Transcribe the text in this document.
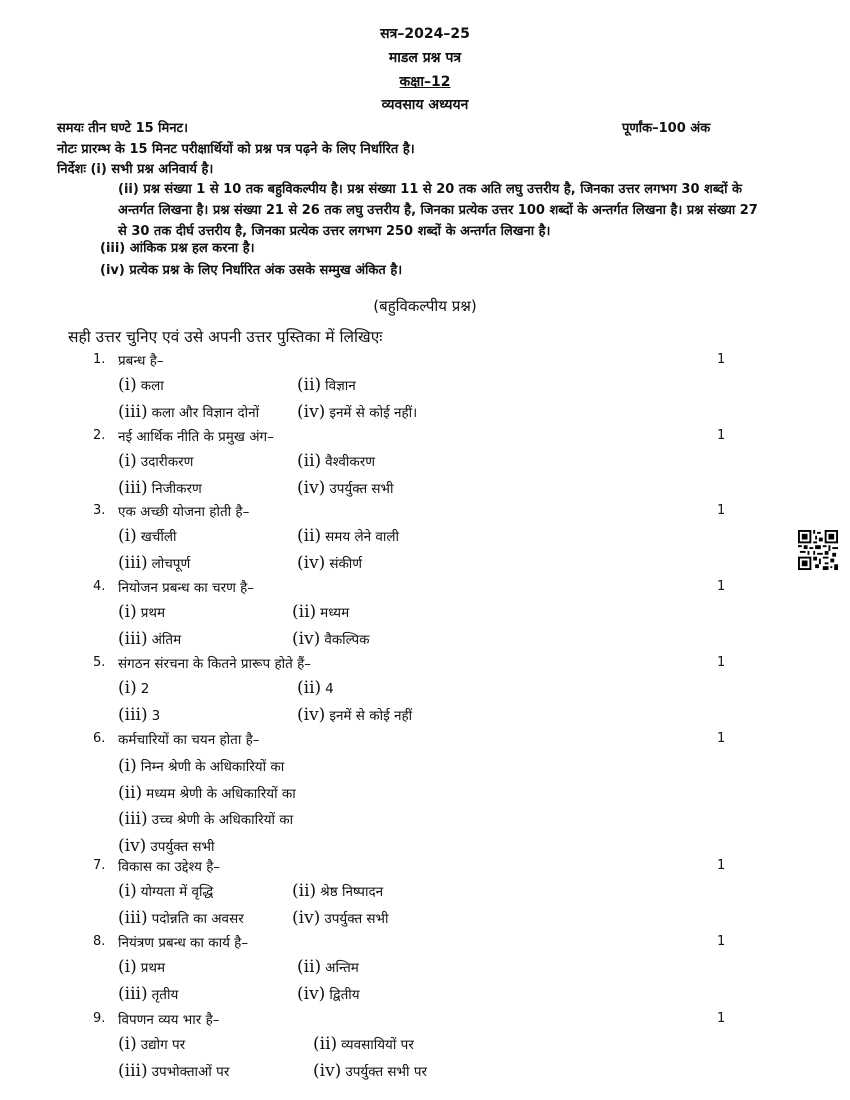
सत्र–2024–25
माडल प्रश्न पत्र
कक्षा–12
व्यवसाय अध्ययन
समयः तीन घण्टे 15 मिनट।	पूर्णांक–100 अंक
नोटः प्रारम्भ के 15 मिनट परीक्षार्थियों को प्रश्न पत्र पढ़ने के लिए निर्धारित है।
निर्देशः (i) सभी प्रश्न अनिवार्य है।
(ii) प्रश्न संख्या 1 से 10 तक बहुविकल्पीय है। प्रश्न संख्या 11 से 20 तक अति लघु उत्तरीय है, जिनका उत्तर लगभग 30 शब्दों के अन्तर्गत लिखना है। प्रश्न संख्या 21 से 26 तक लघु उत्तरीय है, जिनका प्रत्येक उत्तर 100 शब्दों के अन्तर्गत लिखना है। प्रश्न संख्या 27 से 30 तक दीर्घ उत्तरीय है, जिनका प्रत्येक उत्तर लगभग 250 शब्दों के अन्तर्गत लिखना है।
(iii) आंकिक प्रश्न हल करना है।
(iv) प्रत्येक प्रश्न के लिए निर्धारित अंक उसके सम्मुख अंकित है।
(बहुविकल्पीय प्रश्न)
सही उत्तर चुनिए एवं उसे अपनी उत्तर पुस्तिका में लिखिएः
1. प्रबन्ध है–	1
(i) कला	(ii) विज्ञान
(iii) कला और विज्ञान दोनों (iv) इनमें से कोई नहीं।
2. नई आर्थिक नीति के प्रमुख अंग–	1
(i) उदारीकरण	(ii) वैश्वीकरण
(iii) निजीकरण	(iv) उपर्युक्त सभी
3. एक अच्छी योजना होती है–	1
(i) खर्चीली	(ii) समय लेने वाली
(iii) लोचपूर्ण	(iv) संकीर्ण
4. नियोजन प्रबन्ध का चरण है–	1
(i) प्रथम	(ii) मध्यम
(iii) अंतिम	(iv) वैकल्पिक
5. संगठन संरचना के कितने प्रारूप होते हैं–	1
(i) 2	(ii) 4
(iii) 3	(iv) इनमें से कोई नहीं
6. कर्मचारियों का चयन होता है–	1
(i) निम्न श्रेणी के अधिकारियों का
(ii) मध्यम श्रेणी के अधिकारियों का
(iii) उच्च श्रेणी के अधिकारियों का
(iv) उपर्युक्त सभी
7. विकास का उद्देश्य है–	1
(i) योग्यता में वृद्धि	(ii) श्रेष्ठ निष्पादन
(iii) पदोन्नति का अवसर	(iv) उपर्युक्त सभी
8. नियंत्रण प्रबन्ध का कार्य है–	1
(i) प्रथम	(ii) अन्तिम
(iii) तृतीय	(iv) द्वितीय
9. विपणन व्यय भार है–	1
(i) उद्योग पर	(ii) व्यवसायियों पर
(iii) उपभोक्ताओं पर	(iv) उपर्युक्त सभी पर
